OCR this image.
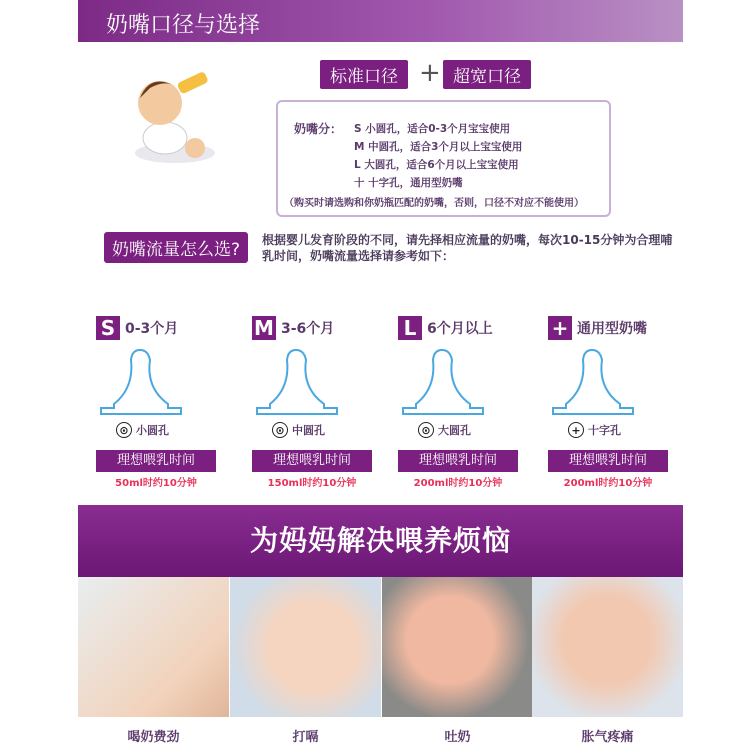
奶嘴口径与选择
标准口径 + 超宽口径
奶嘴分： S 小圆孔，适合0-3个月宝宝使用
M 中圆孔，适合3个月以上宝宝使用
L 大圆孔，适合6个月以上宝宝使用
十 十字孔，通用型奶嘴
（购买时请选购和你奶瓶匹配的奶嘴，否则，口径不对应不能使用）
奶嘴流量怎么选?	根据婴儿发育阶段的不同，请先择相应流量的奶嘴，每次10-15分钟为合理哺乳时间，奶嘴流量选择请参考如下：
S 0-3个月
⊙ 小圆孔
理想喂乳时间
50ml时约10分钟
M 3-6个月
⊙ 中圆孔
理想喂乳时间
150ml时约10分钟
L 6个月以上
⊙ 大圆孔
理想喂乳时间
200ml时约10分钟
+ 通用型奶嘴
+ 十字孔
理想喂乳时间
200ml时约10分钟
为妈妈解决喂养烦恼
喝奶费劲	打嗝	吐奶	胀气疼痛
